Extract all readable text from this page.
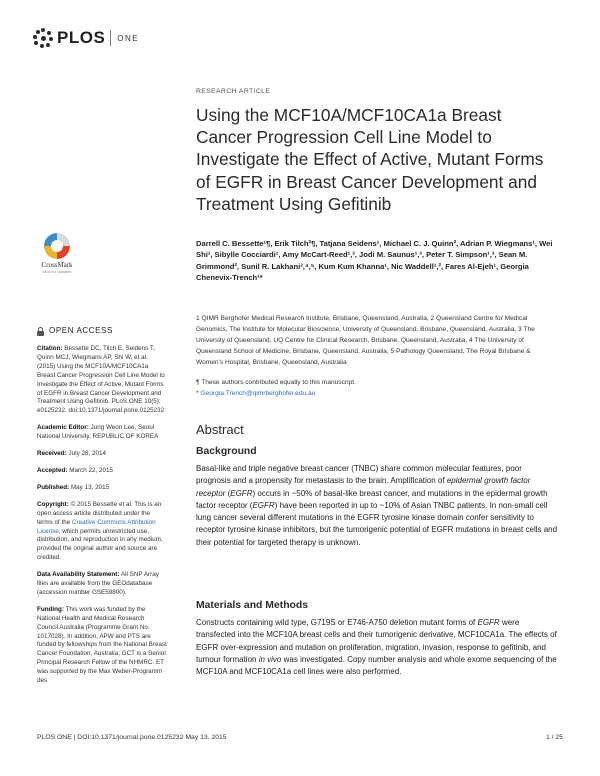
PLOS ONE
CrossMark
click for updates
OPEN ACCESS

Citation: Bessette DC, Tilch E, Seidens T, Quinn MCJ, Wiegmans AP, Shi W, et al. (2015) Using the MCF10A/MCF10CA1a Breast Cancer Progression Cell Line Model to Investigate the Effect of Active, Mutant Forms of EGFR in Breast Cancer Development and Treatment Using Gefitinib. PLoS ONE 10(5): e0125232. doi:10.1371/journal.pone.0125232

Academic Editor: Jung Weon Lee, Seoul National University, REPUBLIC OF KOREA

Received: July 28, 2014

Accepted: March 22, 2015

Published: May 13, 2015

Copyright: © 2015 Bessette et al. This is an open access article distributed under the terms of the Creative Commons Attribution License, which permits unrestricted use, distribution, and reproduction in any medium, provided the original author and source are credited.

Data Availability Statement: All SNP Array files are available from the GEOdatabase (accession number GSE59800).

Funding: This work was funded by the National Health and Medical Research Council Australia (Programme Grant No. 1017028). In addition, APW and PTS are funded by fellowships from the National Breast Cancer Foundation, Australia; GCT is a Senior Principal Research Fellow of the NHMRC. ET was supported by the Max Weber-Programm des

RESEARCH ARTICLE
Using the MCF10A/MCF10CA1a Breast Cancer Progression Cell Line Model to Investigate the Effect of Active, Mutant Forms of EGFR in Breast Cancer Development and Treatment Using Gefitinib
Darrell C. Bessette¹¶, Erik Tilch²¶, Tatjana Seidens¹, Michael C. J. Quinn², Adrian P. Wiegmans¹, Wei Shi¹, Sibylle Cocciardi¹, Amy McCart-Reed¹,³, Jodi M. Saunus¹,³, Peter T. Simpson¹,³, Sean M. Grimmond², Sunil R. Lakhani³,⁴,⁵, Kum Kum Khanna¹, Nic Waddell¹,², Fares Al-Ejeh¹, Georgia Chenevix-Trench¹*
1 QIMR Berghofer Medical Research Institute, Brisbane, Queensland, Australia, 2 Queensland Centre for Medical Genomics, The Institute for Molecular Bioscience, University of Queensland, Brisbane, Queensland, Australia, 3 The University of Queensland, UQ Centre for Clinical Research, Brisbane, Queensland, Australia, 4 The University of Queensland School of Medicine, Brisbane, Queensland, Australia, 5 Pathology Queensland, The Royal Brisbane & Women's Hospital, Brisbane, Queensland, Australia
¶ These authors contributed equally to this manuscript.
* Georgia.Trench@qimrberghofer.edu.au
Abstract
Background
Basal-like and triple negative breast cancer (TNBC) share common molecular features, poor prognosis and a propensity for metastasis to the brain. Amplification of epidermal growth factor receptor (EGFR) occurs in ~50% of basal-like breast cancer, and mutations in the epidermal growth factor receptor (EGFR) have been reported in up to ~10% of Asian TNBC patients. In non-small cell lung cancer several different mutations in the EGFR tyrosine kinase domain confer sensitivity to receptor tyrosine kinase inhibitors, but the tumorigenic potential of EGFR mutations in breast cells and their potential for targeted therapy is unknown.
Materials and Methods
Constructs containing wild type, G719S or E746-A750 deletion mutant forms of EGFR were transfected into the MCF10A breast cells and their tumorigenic derivative, MCF10CA1a. The effects of EGFR over-expression and mutation on proliferation, migration, invasion, response to gefitinib, and tumour formation in vivo was investigated. Copy number analysis and whole exome sequencing of the MCF10A and MCF10CA1a cell lines were also performed.
PLOS ONE | DOI:10.1371/journal.pone.0125232 May 13, 2015	1 / 25
